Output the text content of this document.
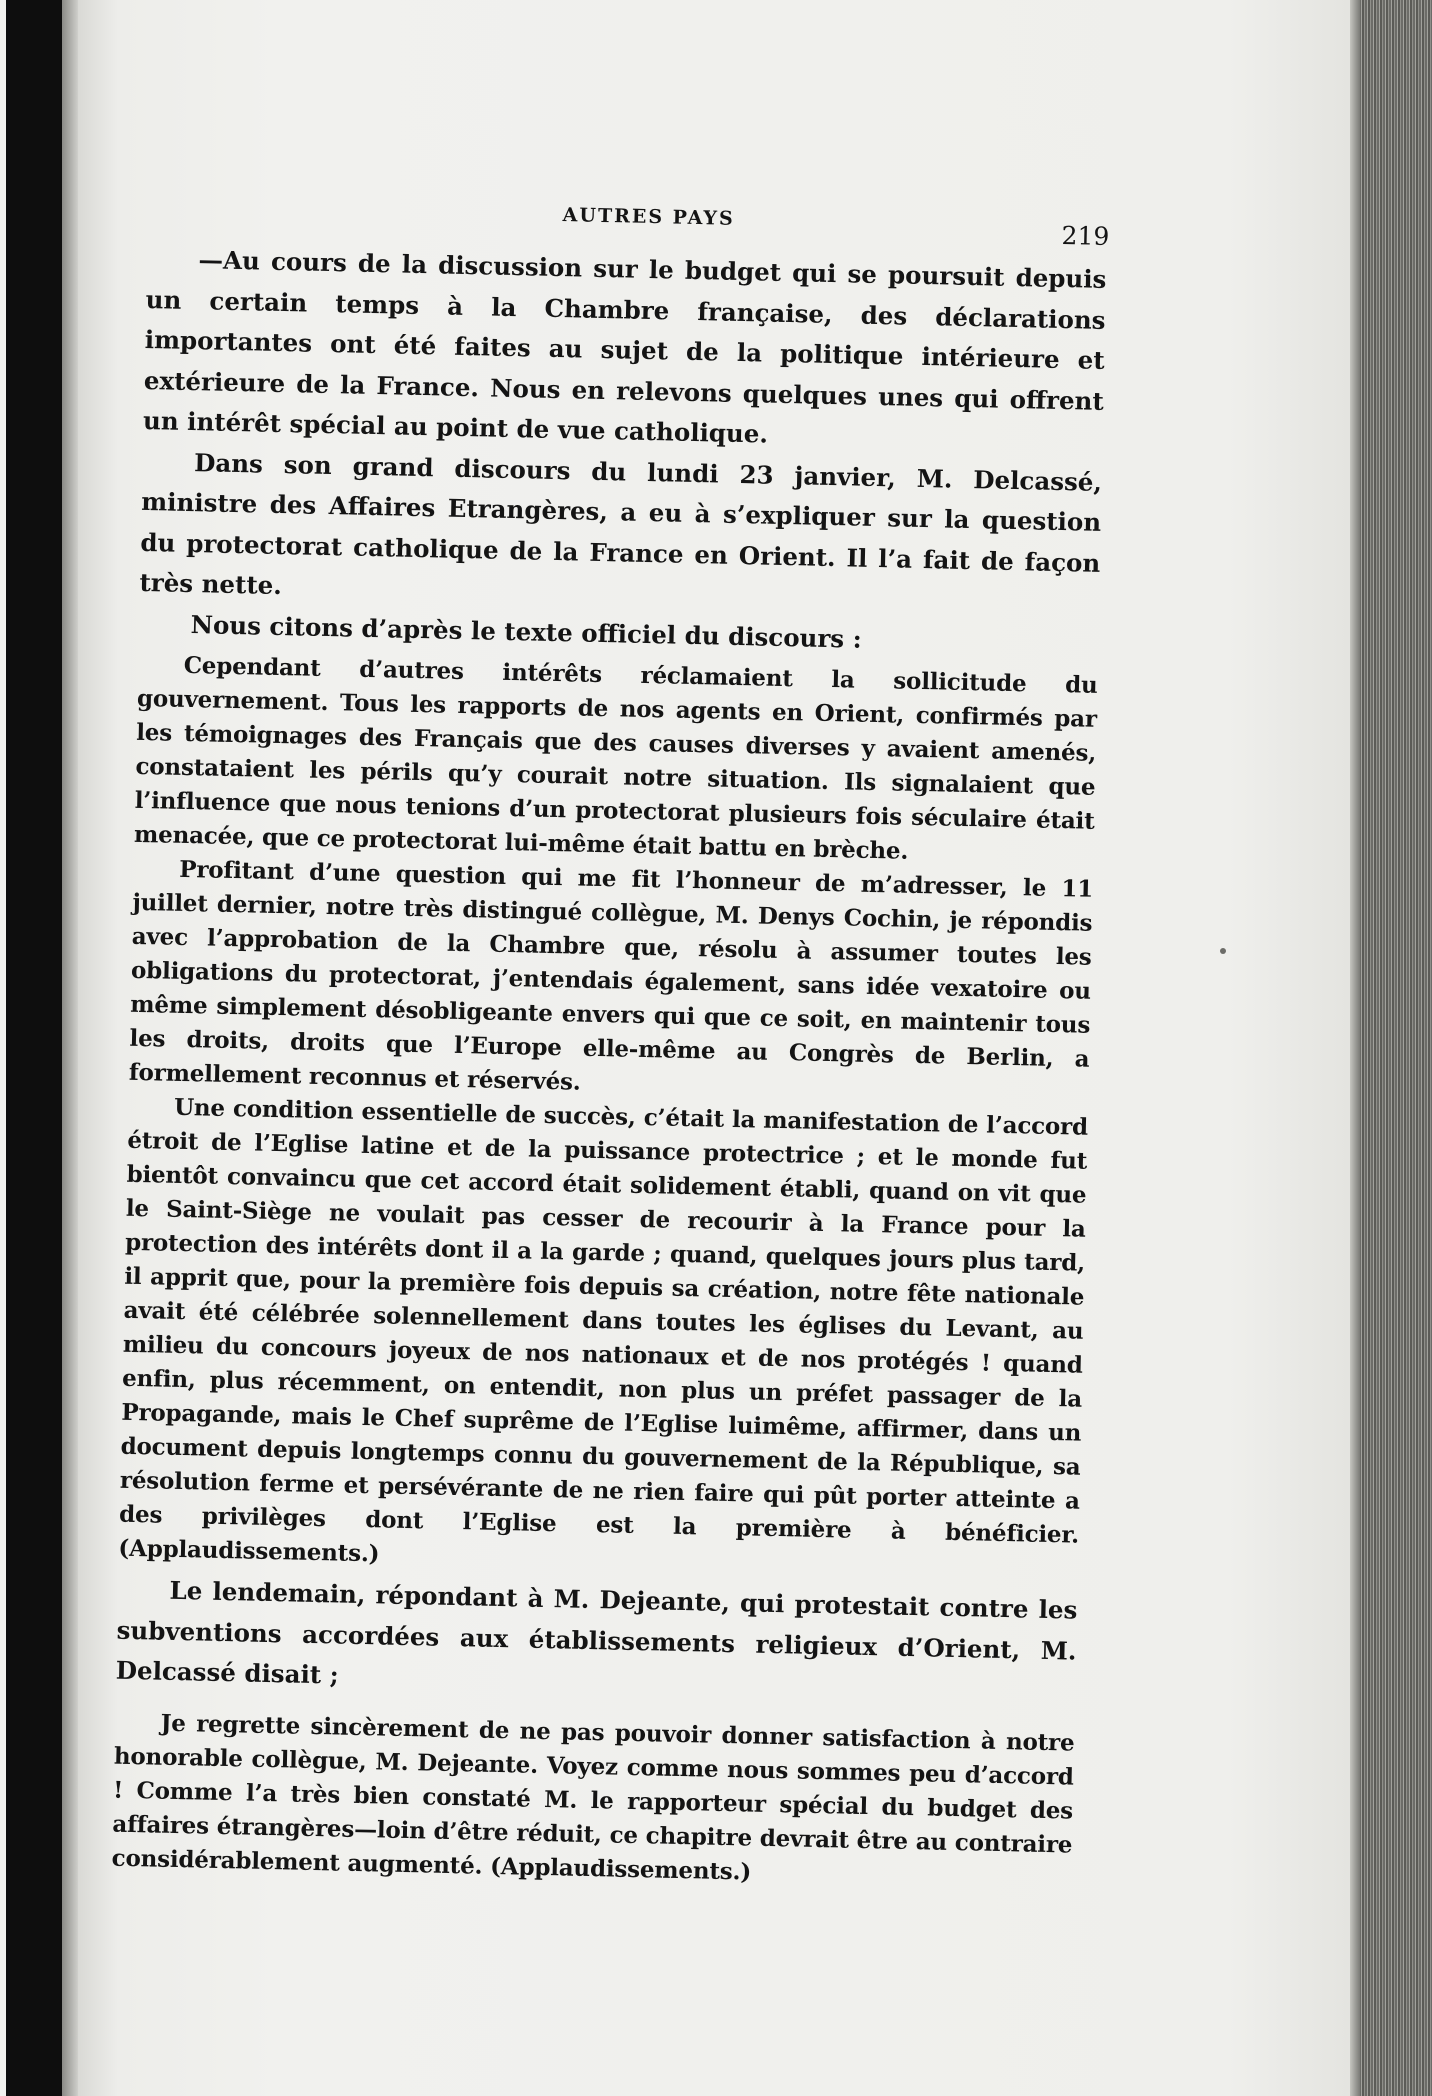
AUTRES PAYS
219

—Au cours de la discussion sur le budget qui se poursuit depuis un certain temps à la Chambre française, des déclarations importantes ont été faites au sujet de la politique intérieure et extérieure de la France. Nous en relevons quelques unes qui offrent un intérêt spécial au point de vue catholique.

Dans son grand discours du lundi 23 janvier, M. Delcassé, ministre des Affaires Etrangères, a eu à s’expliquer sur la question du protectorat catholique de la France en Orient. Il l’a fait de façon très nette.

Nous citons d’après le texte officiel du discours :

Cependant d’autres intérêts réclamaient la sollicitude du gouvernement. Tous les rapports de nos agents en Orient, confirmés par les témoignages des Français que des causes diverses y avaient amenés, constataient les périls qu’y courait notre situation. Ils signalaient que l’influence que nous tenions d’un protectorat plusieurs fois séculaire était menacée, que ce protectorat lui-même était battu en brèche.

Profitant d’une question qui me fit l’honneur de m’adresser, le 11 juillet dernier, notre très distingué collègue, M. Denys Cochin, je répondis avec l’approbation de la Chambre que, résolu à assumer toutes les obligations du protectorat, j’entendais également, sans idée vexatoire ou même simplement désobligeante envers qui que ce soit, en maintenir tous les droits, droits que l’Europe elle-même au Congrès de Berlin, a formellement reconnus et réservés.

Une condition essentielle de succès, c’était la manifestation de l’accord étroit de l’Eglise latine et de la puissance protectrice ; et le monde fut bientôt convaincu que cet accord était solidement établi, quand on vit que le Saint-Siège ne voulait pas cesser de recourir à la France pour la protection des intérêts dont il a la garde ; quand, quelques jours plus tard, il apprit que, pour la première fois depuis sa création, notre fête nationale avait été célébrée solennellement dans toutes les églises du Levant, au milieu du concours joyeux de nos nationaux et de nos protégés ! quand enfin, plus récemment, on entendit, non plus un préfet passager de la Propagande, mais le Chef suprême de l’Eglise luimême, affirmer, dans un document depuis longtemps connu du gouvernement de la République, sa résolution ferme et persévérante de ne rien faire qui pût porter atteinte a des privilèges dont l’Eglise est la première à bénéficier. (Applaudissements.)

Le lendemain, répondant à M. Dejeante, qui protestait contre les subventions accordées aux établissements religieux d’Orient, M. Delcassé disait ;

Je regrette sincèrement de ne pas pouvoir donner satisfaction à notre honorable collègue, M. Dejeante. Voyez comme nous sommes peu d’accord ! Comme l’a très bien constaté M. le rapporteur spécial du budget des affaires étrangères—loin d’être réduit, ce chapitre devrait être au contraire considérablement augmenté. (Applaudissements.)
